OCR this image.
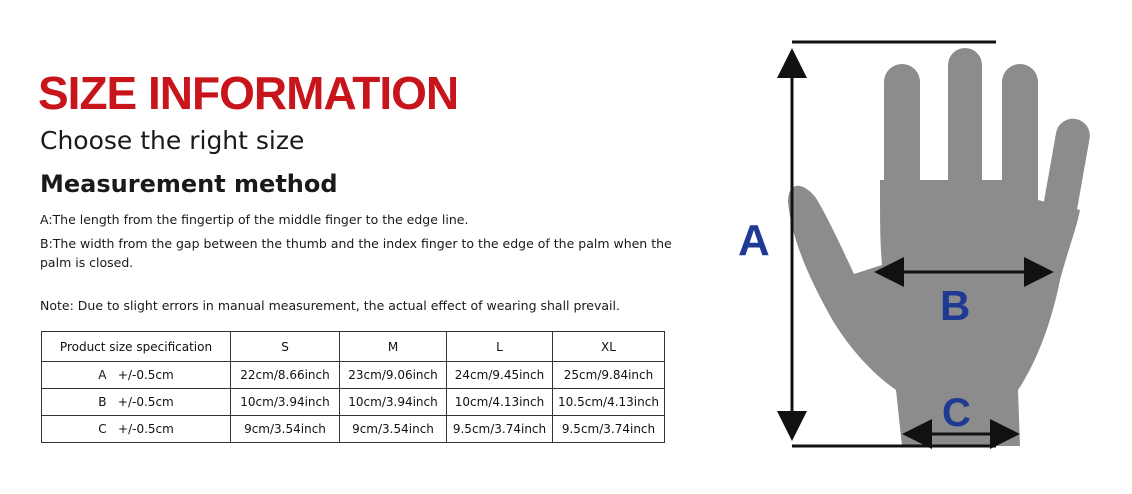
SIZE INFORMATION
Choose the right size
Measurement method

A:The length from the fingertip of the middle finger to the edge line.

B:The width from the gap between the thumb and the index finger to the edge of the palm when the palm is closed.

Note: Due to slight errors in manual measurement, the actual effect of wearing shall prevail.

Product size specification	S	M	L	XL
A   +/-0.5cm	22cm/8.66inch	23cm/9.06inch	24cm/9.45inch	25cm/9.84inch
B   +/-0.5cm	10cm/3.94inch	10cm/3.94inch	10cm/4.13inch	10.5cm/4.13inch
C   +/-0.5cm	9cm/3.54inch	9cm/3.54inch	9.5cm/3.74inch	9.5cm/3.74inch
A
B
C
